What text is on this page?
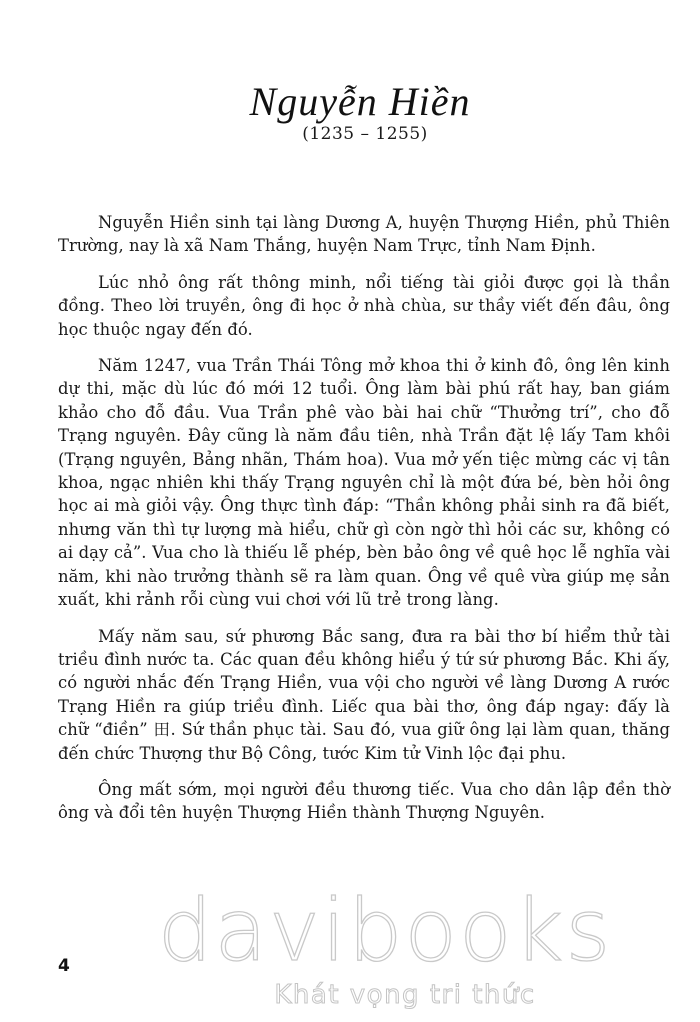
Nguyễn Hiền
(1235 – 1255)

Nguyễn Hiền sinh tại làng Dương A, huyện Thượng Hiền, phủ Thiên Trường, nay là xã Nam Thắng, huyện Nam Trực, tỉnh Nam Định.

Lúc nhỏ ông rất thông minh, nổi tiếng tài giỏi được gọi là thần đồng. Theo lời truyền, ông đi học ở nhà chùa, sư thầy viết đến đâu, ông học thuộc ngay đến đó.

Năm 1247, vua Trần Thái Tông mở khoa thi ở kinh đô, ông lên kinh dự thi, mặc dù lúc đó mới 12 tuổi. Ông làm bài phú rất hay, ban giám khảo cho đỗ đầu. Vua Trần phê vào bài hai chữ “Thưởng trí”, cho đỗ Trạng nguyên. Đây cũng là năm đầu tiên, nhà Trần đặt lệ lấy Tam khôi (Trạng nguyên, Bảng nhãn, Thám hoa). Vua mở yến tiệc mừng các vị tân khoa, ngạc nhiên khi thấy Trạng nguyên chỉ là một đứa bé, bèn hỏi ông học ai mà giỏi vậy. Ông thực tình đáp: “Thần không phải sinh ra đã biết, nhưng văn thì tự lượng mà hiểu, chữ gì còn ngờ thì hỏi các sư, không có ai dạy cả”. Vua cho là thiếu lễ phép, bèn bảo ông về quê học lễ nghĩa vài năm, khi nào trưởng thành sẽ ra làm quan. Ông về quê vừa giúp mẹ sản xuất, khi rảnh rỗi cùng vui chơi với lũ trẻ trong làng.

Mấy năm sau, sứ phương Bắc sang, đưa ra bài thơ bí hiểm thử tài triều đình nước ta. Các quan đều không hiểu ý tứ sứ phương Bắc. Khi ấy, có người nhắc đến Trạng Hiền, vua vội cho người về làng Dương A rước Trạng Hiền ra giúp triều đình. Liếc qua bài thơ, ông đáp ngay: đấy là chữ “điền” 田. Sứ thần phục tài. Sau đó, vua giữ ông lại làm quan, thăng đến chức Thượng thư Bộ Công, tước Kim tử Vinh lộc đại phu.

Ông mất sớm, mọi người đều thương tiếc. Vua cho dân lập đền thờ ông và đổi tên huyện Thượng Hiền thành Thượng Nguyên.

davibooks
4
Khát vọng tri thức
